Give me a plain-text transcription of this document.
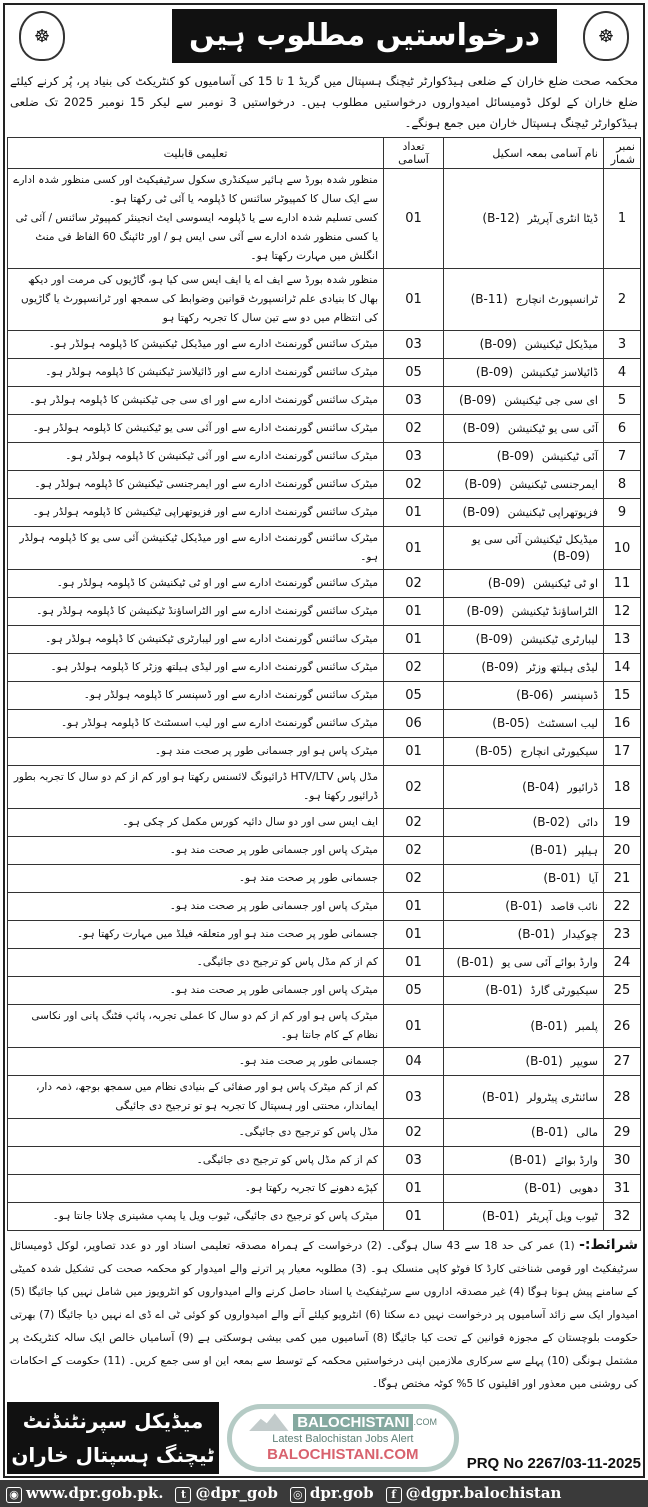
☸	☸
درخواستیں مطلوب ہیں
محکمہ صحت ضلع خاران کے ضلعی ہیڈکوارٹر ٹیچنگ ہسپتال میں گریڈ 1 تا 15 کی آسامیوں کو کنٹریکٹ کی بنیاد پر، پُر کرنے کیلئے ضلع خاران کے لوکل ڈومیسائل امیدواروں درخواستیں مطلوب ہیں۔ درخواستیں 3 نومبر سے لیکر 15 نومبر 2025 تک ضلعی ہیڈکوارٹر ٹیچنگ ہسپتال خاران میں جمع ہونگے۔
نمبر شمار	نام آسامی بمعہ اسکیل	تعداد آسامی	تعلیمی قابلیت
1	ڈیٹا انٹری آپریٹر(B-12)	01	منظور شدہ بورڈ سے ہائیر سیکنڈری سکول سرٹیفیکیٹ اور کسی منظور شدہ ادارے سے ایک سال کا کمپیوٹر سائنس کا ڈپلومہ یا آئی ٹی رکھتا ہو۔
کسی تسلیم شدہ ادارے سے یا ڈپلومہ ایسوسی ایٹ انجینئر کمپیوٹر سائنس / آئی ٹی یا کسی منظور شدہ ادارے سے آئی سی ایس ہو / اور ٹائپنگ 60 الفاظ فی منٹ انگلش میں مہارت رکھتا ہو۔

2	ٹرانسپورٹ انچارج(B-11)	01	منظور شدہ بورڈ سے ایف اے یا ایف ایس سی کیا ہو، گاڑیوں کی مرمت اور دیکھ بھال کا بنیادی علم ٹرانسپورٹ قوانین وضوابط کی سمجھ اور ٹرانسپورٹ یا گاڑیوں کی انتظام میں دو سے تین سال کا تجربہ رکھتا ہو

3	میڈیکل ٹیکنیشن(B-09)	03	میٹرک سائنس گورنمنٹ ادارے سے اور میڈیکل ٹیکنیشن کا ڈپلومہ ہولڈر ہو۔

4	ڈائیلاسز ٹیکنیشن(B-09)	05	میٹرک سائنس گورنمنٹ ادارے سے اور ڈائیلاسز ٹیکنیشن کا ڈپلومہ ہولڈر ہو۔

5	ای سی جی ٹیکنیشن(B-09)	03	میٹرک سائنس گورنمنٹ ادارے سے اور ای سی جی ٹیکنیشن کا ڈپلومہ ہولڈر ہو۔

6	آئی سی یو ٹیکنیشن(B-09)	02	میٹرک سائنس گورنمنٹ ادارے سے اور آئی سی یو ٹیکنیشن کا ڈپلومہ ہولڈر ہو۔

7	آئی ٹیکنیشن(B-09)	03	میٹرک سائنس گورنمنٹ ادارے سے اور آئی ٹیکنیشن کا ڈپلومہ ہولڈر ہو۔

8	ایمرجنسی ٹیکنیشن(B-09)	02	میٹرک سائنس گورنمنٹ ادارے سے اور ایمرجنسی ٹیکنیشن کا ڈپلومہ ہولڈر ہو۔

9	فزیوتھراپی ٹیکنیشن(B-09)	01	میٹرک سائنس گورنمنٹ ادارے سے اور فزیوتھراپی ٹیکنیشن کا ڈپلومہ ہولڈر ہو۔

10	میڈیکل ٹیکنیشن آئی سی یو(B-09)	01	میٹرک سائنس گورنمنٹ ادارے سے اور میڈیکل ٹیکنیشن آئی سی یو کا ڈپلومہ ہولڈر ہو۔

11	او ٹی ٹیکنیشن(B-09)	02	میٹرک سائنس گورنمنٹ ادارے سے اور او ٹی ٹیکنیشن کا ڈپلومہ ہولڈر ہو۔

12	الٹراساؤنڈ ٹیکنیشن(B-09)	01	میٹرک سائنس گورنمنٹ ادارے سے اور الٹراساؤنڈ ٹیکنیشن کا ڈپلومہ ہولڈر ہو۔

13	لیبارٹری ٹیکنیشن(B-09)	01	میٹرک سائنس گورنمنٹ ادارے سے اور لیبارٹری ٹیکنیشن کا ڈپلومہ ہولڈر ہو۔

14	لیڈی ہیلتھ وزٹر(B-09)	02	میٹرک سائنس گورنمنٹ ادارے سے اور لیڈی ہیلتھ وزٹر کا ڈپلومہ ہولڈر ہو۔

15	ڈسپنسر(B-06)	05	میٹرک سائنس گورنمنٹ ادارے سے اور ڈسپنسر کا ڈپلومہ ہولڈر ہو۔

16	لیب اسسٹنٹ(B-05)	06	میٹرک سائنس گورنمنٹ ادارے سے اور لیب اسسٹنٹ کا ڈپلومہ ہولڈر ہو۔

17	سیکیورٹی انچارج(B-05)	01	میٹرک پاس ہو اور جسمانی طور پر صحت مند ہو۔

18	ڈرائیور(B-04)	02	مڈل پاس HTV/LTV ڈرائیونگ لائسنس رکھتا ہو اور کم از کم دو سال کا تجربہ بطور ڈرائیور رکھتا ہو۔

19	دائی(B-02)	02	ایف ایس سی اور دو سال دائیہ کورس مکمل کر چکی ہو۔

20	ہیلپر(B-01)	02	میٹرک پاس اور جسمانی طور پر صحت مند ہو۔

21	آیا(B-01)	02	جسمانی طور پر صحت مند ہو۔

22	نائب قاصد(B-01)	01	میٹرک پاس اور جسمانی طور پر صحت مند ہو۔

23	چوکیدار(B-01)	01	جسمانی طور پر صحت مند ہو اور متعلقہ فیلڈ میں مہارت رکھتا ہو۔

24	وارڈ بوائے آئی سی یو(B-01)	01	کم از کم مڈل پاس کو ترجیح دی جائیگی۔

25	سیکیورٹی گارڈ(B-01)	05	میٹرک پاس اور جسمانی طور پر صحت مند ہو۔

26	پلمبر(B-01)	01	میٹرک پاس ہو اور کم از کم دو سال کا عملی تجربہ، پائپ فٹنگ پانی اور نکاسی نظام کے کام جانتا ہو۔

27	سویپر(B-01)	04	جسمانی طور پر صحت مند ہو۔

28	سائنٹری پیٹرولر(B-01)	03	کم از کم میٹرک پاس ہو اور صفائی کے بنیادی نظام میں سمجھ بوجھ، ذمہ دار، ایماندار، محنتی اور ہسپتال کا تجربہ ہو تو ترجیح دی جائیگی

29	مالی(B-01)	02	مڈل پاس کو ترجیح دی جائیگی۔

30	وارڈ بوائے(B-01)	03	کم از کم مڈل پاس کو ترجیح دی جائیگی۔

31	دھوبی(B-01)	01	کپڑے دھونے کا تجربہ رکھتا ہو۔

32	ٹیوب ویل آپریٹر(B-01)	01	میٹرک پاس کو ترجیح دی جائیگی، ٹیوب ویل یا پمپ مشینری چلانا جانتا ہو۔
شرائط:- (1) عمر کی حد 18 سے 43 سال ہوگی۔ (2) درخواست کے ہمراہ مصدقہ تعلیمی اسناد اور دو عدد تصاویر، لوکل ڈومیسائل سرٹیفکیٹ اور قومی شناختی کارڈ کا فوٹو کاپی منسلک ہو۔ (3) مطلوبہ معیار پر اترنے والے امیدوار کو محکمہ صحت کی تشکیل شدہ کمیٹی کے سامنے پیش ہونا ہوگا (4) غیر مصدقہ اداروں سے سرٹیفکیٹ یا اسناد حاصل کرنے والے امیدواروں کو انٹرویوز میں شامل نہیں کیا جائیگا (5) امیدوار ایک سے زائد آسامیوں پر درخواست نہیں دے سکتا (6) انٹرویو کیلئے آنے والے امیدواروں کو کوئی ٹی اے ڈی اے نہیں دیا جائیگا (7) بھرتی حکومت بلوچستان کے مجوزہ قوانین کے تحت کیا جائیگا (8) آسامیوں میں کمی بیشی ہوسکتی ہے (9) آسامیاں خالص ایک سالہ کنٹریکٹ پر مشتمل ہونگی (10) پہلے سے سرکاری ملازمین اپنی درخواستیں محکمہ کے توسط سے بمعہ این او سی جمع کریں۔ (11) حکومت کے احکامات کی روشنی میں معذور اور اقلیتوں کا 5% کوٹہ مختص ہوگا۔
میڈیکل سپرنٹنڈنٹ
ٹیچنگ ہسپتال خاران
BALOCHISTANI .COM
Latest Balochistan Jobs Alert
BALOCHISTANI.COM
PRQ No 2267/03-11-2025
◉ www.dpr.gob.pk.	t @dpr_gob ◎ dpr.gob	f @dgpr.balochistan
